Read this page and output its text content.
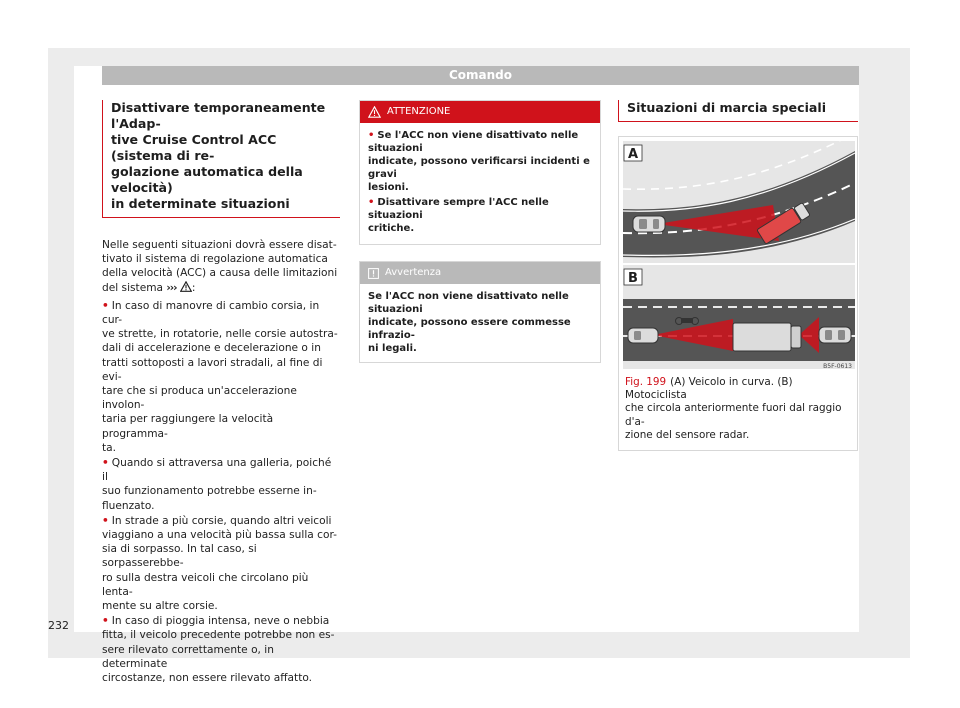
Comando
Disattivare temporaneamente l'Adap-
tive Cruise Control ACC (sistema di re-
golazione automatica della velocità)
in determinate situazioni

Nelle seguenti situazioni dovrà essere disat-
tivato il sistema di regolazione automatica
della velocità (ACC) a causa delle limitazioni
del sistema ››› :

• In caso di manovre di cambio corsia, in cur-
ve strette, in rotatorie, nelle corsie autostra-
dali di accelerazione e decelerazione o in
tratti sottoposti a lavori stradali, al fine di evi-
tare che si produca un'accelerazione involon-
taria per raggiungere la velocità programma-
ta.
• Quando si attraversa una galleria, poiché il
suo funzionamento potrebbe esserne in-
fluenzato.
• In strade a più corsie, quando altri veicoli
viaggiano a una velocità più bassa sulla cor-
sia di sorpasso. In tal caso, si sorpasserebbe-
ro sulla destra veicoli che circolano più lenta-
mente su altre corsie.
• In caso di pioggia intensa, neve o nebbia
fitta, il veicolo precedente potrebbe non es-
sere rilevato correttamente o, in determinate
circostanze, non essere rilevato affatto.
ATTENZIONE
• Se l'ACC non viene disattivato nelle situazioni
indicate, possono verificarsi incidenti e gravi
lesioni.
• Disattivare sempre l'ACC nelle situazioni
critiche.
Avvertenza
Se l'ACC non viene disattivato nelle situazioni
indicate, possono essere commesse infrazio-
ni legali.
Situazioni di marcia speciali
A
B
B5F-0613
Fig. 199 (A) Veicolo in curva. (B) Motociclista
che circola anteriormente fuori dal raggio d'a-
zione del sensore radar.
232
